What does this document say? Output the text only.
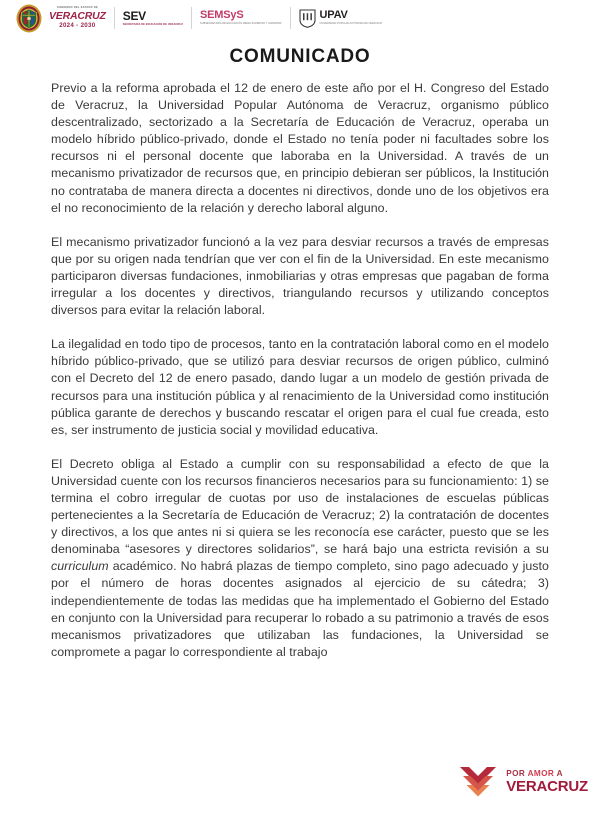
GOBIERNO DEL ESTADO DE
VERACRUZ
2024 - 2030
SEV
SECRETARÍA DE EDUCACIÓN DE VERACRUZ
SEMSyS
SUBSECRETARÍA DE EDUCACIÓN MEDIA SUPERIOR Y SUPERIOR
UPAV
UNIVERSIDAD POPULAR AUTÓNOMA DE VERACRUZ
COMUNICADO

Previo a la reforma aprobada el 12 de enero de este año por el H. Congreso del Estado de Veracruz, la Universidad Popular Autónoma de Veracruz, organismo público descentralizado, sectorizado a la Secretaría de Educación de Veracruz, operaba un modelo híbrido público-privado, donde el Estado no tenía poder ni facultades sobre los recursos ni el personal docente que laboraba en la Universidad. A través de un mecanismo privatizador de recursos que, en principio debieran ser públicos, la Institución no contrataba de manera directa a docentes ni directivos, donde uno de los objetivos era el no reconocimiento de la relación y derecho laboral alguno.

El mecanismo privatizador funcionó a la vez para desviar recursos a través de empresas que por su origen nada tendrían que ver con el fin de la Universidad. En este mecanismo participaron diversas fundaciones, inmobiliarias y otras empresas que pagaban de forma irregular a los docentes y directivos, triangulando recursos y utilizando conceptos diversos para evitar la relación laboral.

La ilegalidad en todo tipo de procesos, tanto en la contratación laboral como en el modelo híbrido público-privado, que se utilizó para desviar recursos de origen público, culminó con el Decreto del 12 de enero pasado, dando lugar a un modelo de gestión privada de recursos para una institución pública y al renacimiento de la Universidad como institución pública garante de derechos y buscando rescatar el origen para el cual fue creada, esto es, ser instrumento de justicia social y movilidad educativa.

El Decreto obliga al Estado a cumplir con su responsabilidad a efecto de que la Universidad cuente con los recursos financieros necesarios para su funcionamiento: 1) se termina el cobro irregular de cuotas por uso de instalaciones de escuelas públicas pertenecientes a la Secretaría de Educación de Veracruz; 2) la contratación de docentes y directivos, a los que antes ni si quiera se les reconocía ese carácter, puesto que se les denominaba “asesores y directores solidarios”, se hará bajo una estricta revisión a su curriculum académico. No habrá plazas de tiempo completo, sino pago adecuado y justo por el número de horas docentes asignados al ejercicio de su cátedra; 3) independientemente de todas las medidas que ha implementado el Gobierno del Estado en conjunto con la Universidad para recuperar lo robado a su patrimonio a través de esos mecanismos privatizadores que utilizaban las fundaciones, la Universidad se compromete a pagar lo correspondiente al trabajo

POR AMOR A
VERACRUZ
